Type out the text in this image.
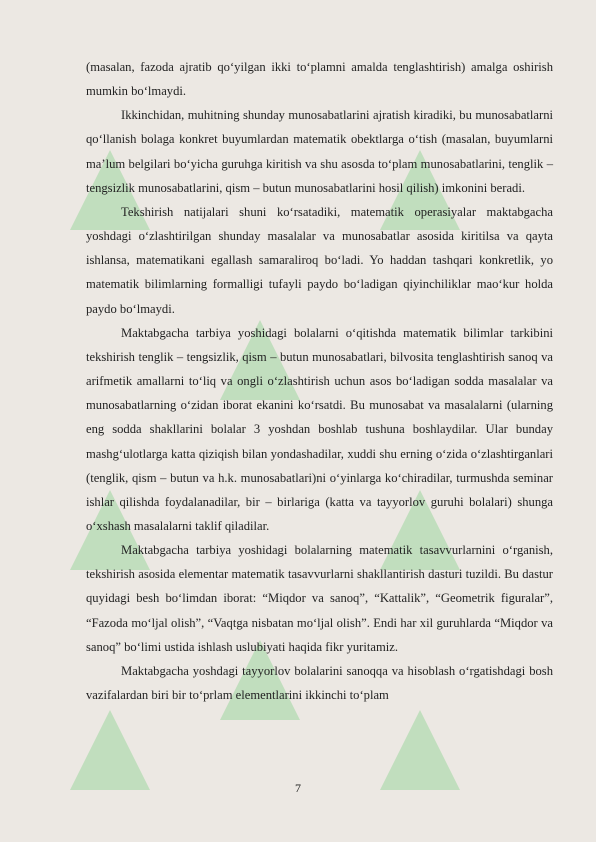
(masalan, fazoda ajratib qo‘yilgan ikki to‘plamni amalda tenglashtirish) amalga oshirish mumkin bo‘lmaydi.

Ikkinchidan, muhitning shunday munosabatlarini ajratish kiradiki, bu munosabatlarni qo‘llanish bolaga konkret buyumlardan matematik obektlarga o‘tish (masalan, buyumlarni ma’lum belgilari bo‘yicha guruhga kiritish va shu asosda to‘plam munosabatlarini, tenglik – tengsizlik munosabatlarini, qism – butun munosabatlarini hosil qilish) imkonini beradi.

Tekshirish natijalari shuni ko‘rsatadiki, matematik operasiyalar maktabgacha yoshdagi o‘zlashtirilgan shunday masalalar va munosabatlar asosida kiritilsa va qayta ishlansa, matematikani egallash samaraliroq bo‘ladi. Yo haddan tashqari konkretlik, yo matematik bilimlarning formalligi tufayli paydo bo‘ladigan qiyinchiliklar mao‘kur holda paydo bo‘lmaydi.

Maktabgacha tarbiya yoshidagi bolalarni o‘qitishda matematik bilimlar tarkibini tekshirish tenglik – tengsizlik, qism – butun munosabatlari, bilvosita tenglashtirish sanoq va arifmetik amallarni to‘liq va ongli o‘zlashtirish uchun asos bo‘ladigan sodda masalalar va munosabatlarning o‘zidan iborat ekanini ko‘rsatdi. Bu munosabat va masalalarni (ularning eng sodda shakllarini bolalar 3 yoshdan boshlab tushuna boshlaydilar. Ular bunday mashg‘ulotlarga katta qiziqish bilan yondashadilar, xuddi shu erning o‘zida o‘zlashtirganlari (tenglik, qism – butun va h.k. munosabatlari)ni o‘yinlarga ko‘chiradilar, turmushda seminar ishlar qilishda foydalanadilar, bir – birlariga (katta va tayyorlov guruhi bolalari) shunga o‘xshash masalalarni taklif qiladilar.

Maktabgacha tarbiya yoshidagi bolalarning matematik tasavvurlarnini o‘rganish, tekshirish asosida elementar matematik tasavvurlarni shakllantirish dasturi tuzildi. Bu dastur quyidagi besh bo‘limdan iborat: “Miqdor va sanoq”, “Kattalik”, “Geometrik figuralar”, “Fazoda mo‘ljal olish”, “Vaqtga nisbatan mo‘ljal olish”. Endi har xil guruhlarda “Miqdor va sanoq” bo‘limi ustida ishlash uslubiyati haqida fikr yuritamiz.

Maktabgacha yoshdagi tayyorlov bolalarini sanoqqa va hisoblash o‘rgatishdagi bosh vazifalardan biri bir to‘prlam elementlarini ikkinchi to‘plam

7
